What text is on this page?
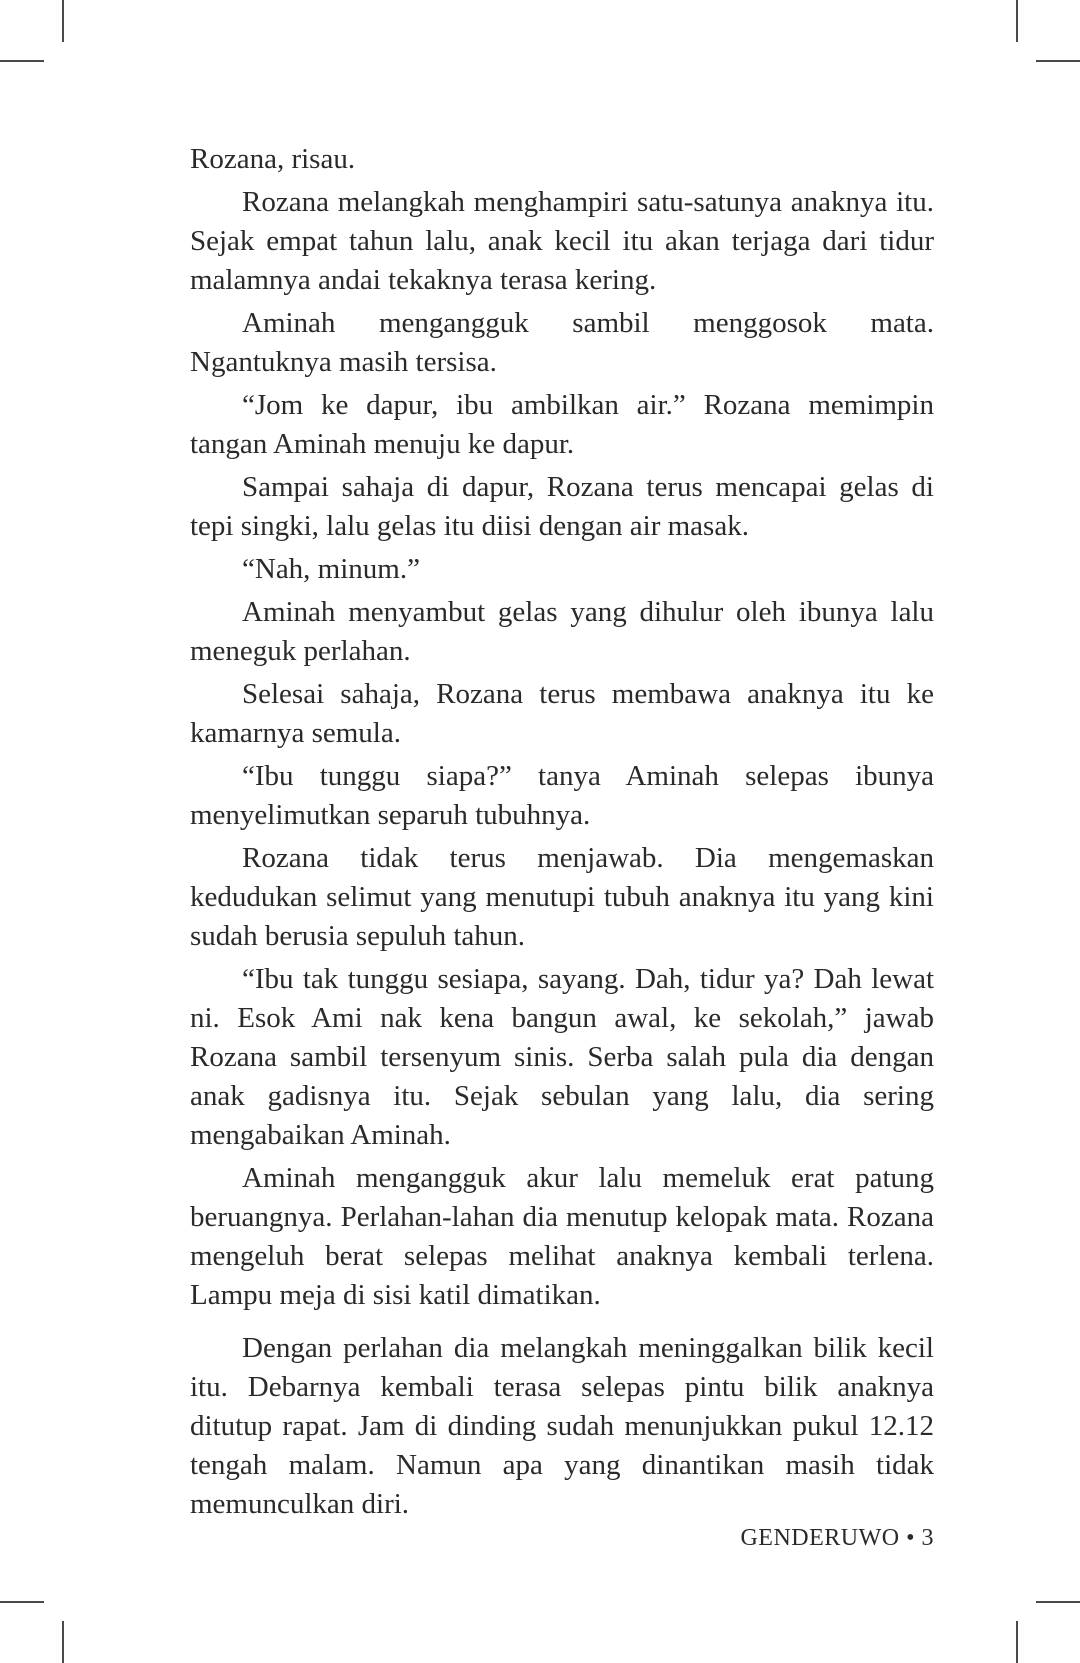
Rozana, risau.

Rozana melangkah menghampiri satu-satunya anaknya itu. Sejak empat tahun lalu, anak kecil itu akan terjaga dari tidur malamnya andai tekaknya terasa kering.

Aminah mengangguk sambil menggosok mata. Ngantuknya masih tersisa.

“Jom ke dapur, ibu ambilkan air.” Rozana memimpin tangan Aminah menuju ke dapur.

Sampai sahaja di dapur, Rozana terus mencapai gelas di tepi singki, lalu gelas itu diisi dengan air masak.

“Nah, minum.”

Aminah menyambut gelas yang dihulur oleh ibunya lalu meneguk perlahan.

Selesai sahaja, Rozana terus membawa anaknya itu ke kamarnya semula.

“Ibu tunggu siapa?” tanya Aminah selepas ibunya menyelimutkan separuh tubuhnya.

Rozana tidak terus menjawab. Dia mengemaskan kedudukan selimut yang menutupi tubuh anaknya itu yang kini sudah berusia sepuluh tahun.

“Ibu tak tunggu sesiapa, sayang. Dah, tidur ya? Dah lewat ni. Esok Ami nak kena bangun awal, ke sekolah,” jawab Rozana sambil tersenyum sinis. Serba salah pula dia dengan anak gadisnya itu. Sejak sebulan yang lalu, dia sering mengabaikan Aminah.

Aminah mengangguk akur lalu memeluk erat patung beruangnya. Perlahan-lahan dia menutup kelopak mata. Rozana mengeluh berat selepas melihat anaknya kembali terlena. Lampu meja di sisi katil dimatikan.

Dengan perlahan dia melangkah meninggalkan bilik kecil itu. Debarnya kembali terasa selepas pintu bilik anaknya ditutup rapat. Jam di dinding sudah menunjukkan pukul 12.12 tengah malam. Namun apa yang dinantikan masih tidak memunculkan diri.

GENDERUWO • 3
